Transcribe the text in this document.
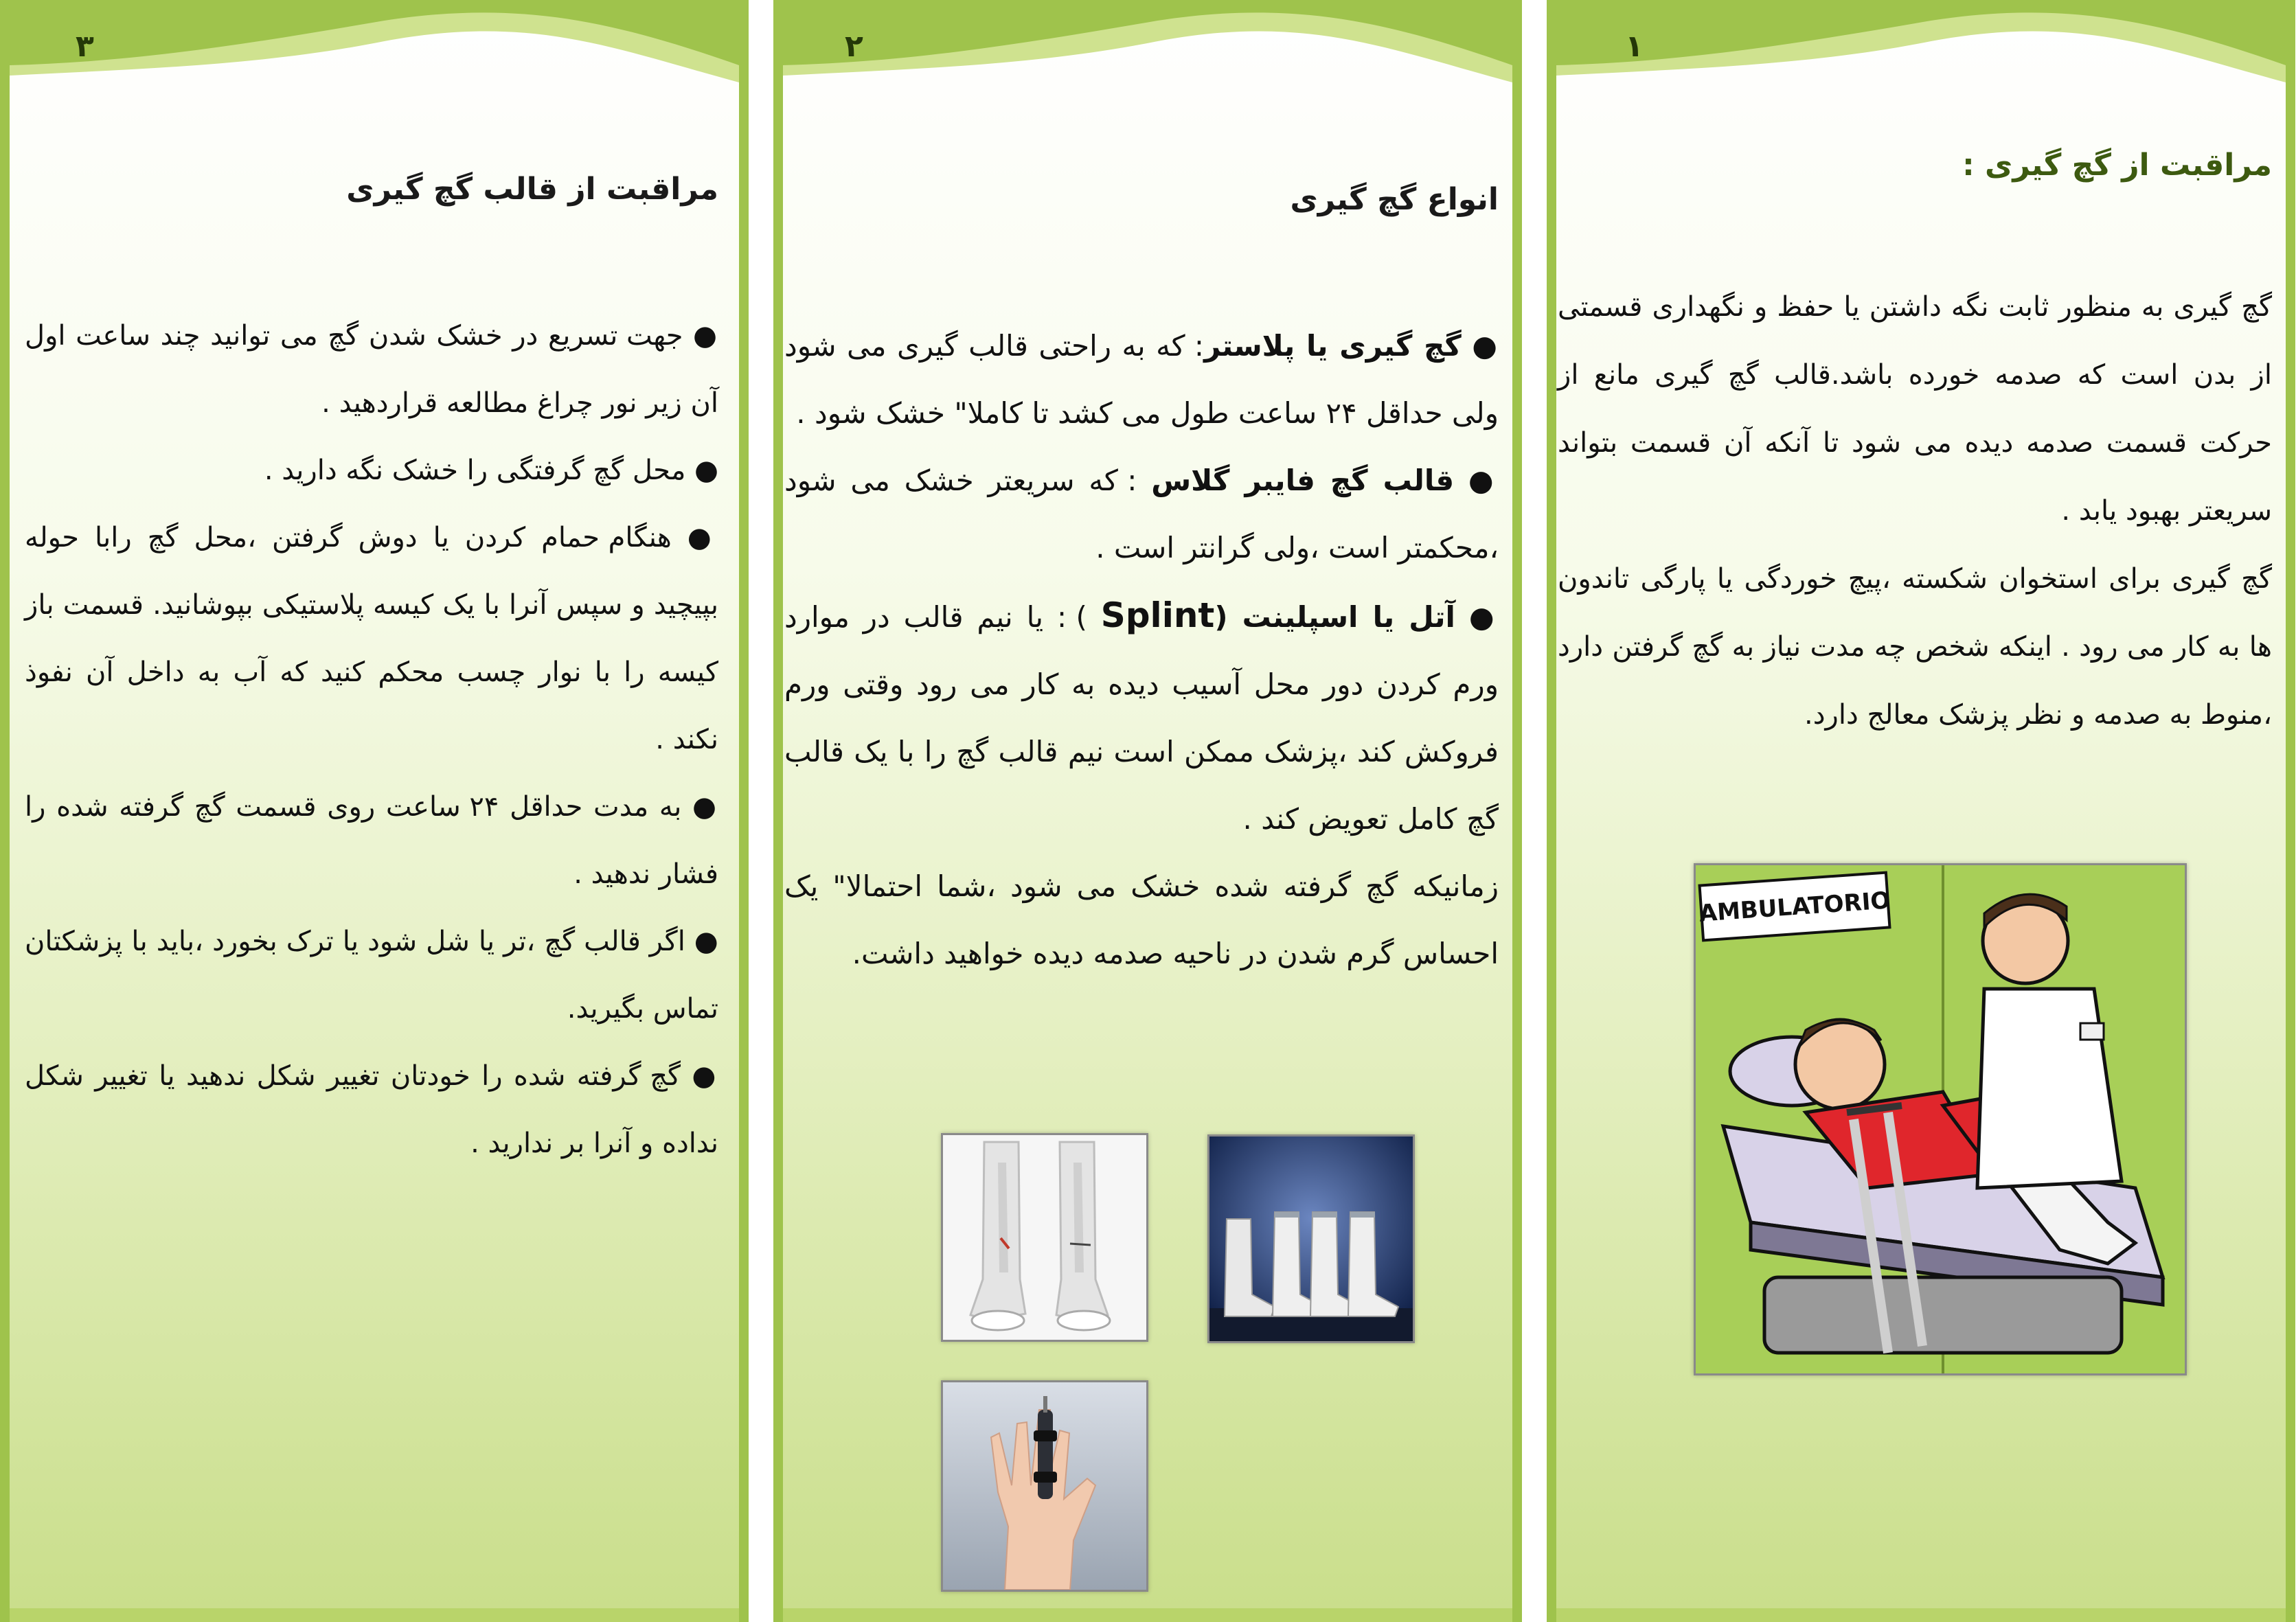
۳
مراقبت از قالب گچ گیری

● جهت تسریع در خشک شدن گچ می توانید چند ساعت اول آن زیر نور چراغ مطالعه قراردهید .

● محل گچ گرفتگی را خشک نگه دارید .

● هنگام حمام کردن یا دوش گرفتن ،محل گچ رابا حوله بپیچید و سپس آنرا با یک کیسه پلاستیکی بپوشانید. قسمت باز کیسه را با نوار چسب محکم کنید که آب به داخل آن نفوذ نکند .

● به مدت حداقل ۲۴ ساعت روی قسمت گچ گرفته شده را فشار ندهید .

● اگر قالب گچ ،تر یا شل شود یا ترک بخورد ،باید با پزشکتان تماس بگیرید.

● گچ گرفته شده را خودتان تغییر شکل ندهید یا تغییر شکل نداده و آنرا بر ندارید .

۲
انواع گچ گیری

● گچ گیری یا پلاستر: که به راحتی قالب گیری می شود ولی حداقل ۲۴ ساعت طول می کشد تا کاملا" خشک شود .

● قالب گچ فایبر گلاس : که سریعتر خشک می شود ،محکمتر است ،ولی گرانتر است .

● آتل یا اسپلینت (Splint ) : یا نیم قالب در موارد ورم کردن دور محل آسیب دیده به کار می رود وقتی ورم فروکش کند ،پزشک ممکن است نیم قالب گچ را با یک قالب گچ کامل تعویض کند .

زمانیکه گچ گرفته شده خشک می شود ،شما احتمالا" یک احساس گرم شدن در ناحیه صدمه دیده خواهید داشت.

۱
مراقبت از گچ گیری :

گچ گیری به منظور ثابت نگه داشتن یا حفظ و نگهداری قسمتی از بدن است که صدمه خورده باشد.قالب گچ گیری مانع از حرکت قسمت صدمه دیده می شود تا آنکه آن قسمت بتواند سریعتر بهبود یابد .

گچ گیری برای استخوان شکسته ،پیچ خوردگی یا پارگی تاندون ها به کار می رود . اینکه شخص چه مدت نیاز به گچ گرفتن دارد ،منوط به صدمه و نظر پزشک معالج دارد.

AMBULATORIO
